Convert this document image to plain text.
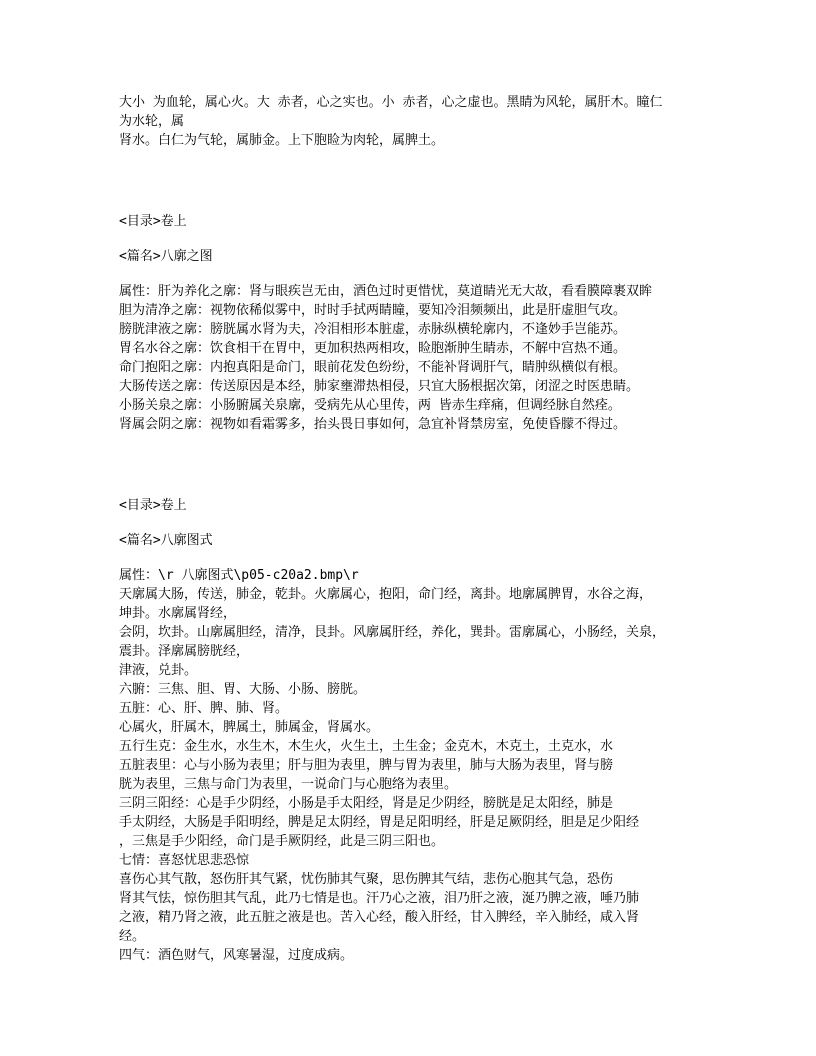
大小 为血轮，属心火。大 赤者，心之实也。小 赤者，心之虚也。黑睛为风轮，属肝木。瞳仁
为水轮，属
肾水。白仁为气轮，属肺金。上下胞睑为肉轮，属脾土。
<目录>卷上
<篇名>八廓之图
属性：肝为养化之廓：肾与眼疾岂无由，酒色过时更惜忧，莫道睛光无大故，看看膜障裹双眸
胆为清净之廓：视物依稀似雾中，时时手拭两睛瞳，要知冷泪频频出，此是肝虚胆气攻。
膀胱津液之廓：膀胱属水肾为夫，冷泪相形本脏虚，赤脉纵横轮廓内，不逢妙手岂能苏。
胃名水谷之廓：饮食相干在胃中，更加积热两相攻，睑胞渐肿生睛赤，不解中宫热不通。
命门抱阳之廓：内抱真阳是命门，眼前花发色纷纷，不能补肾调肝气，睛肿纵横似有根。
大肠传送之廓：传送原因是本经，肺家壅滞热相侵，只宜大肠根据次第，闭涩之时医患睛。
小肠关泉之廓：小肠腑属关泉廓，受病先从心里传，两 皆赤生痒痛，但调经脉自然痊。
肾属会阴之廓：视物如看霜雾多，抬头畏日事如何，急宜补肾禁房室，免使昏朦不得过。
<目录>卷上
<篇名>八廓图式
属性：\r 八廓图式\p05-c20a2.bmp\r
天廓属大肠，传送，肺金，乾卦。火廓属心，抱阳，命门经，离卦。地廓属脾胃，水谷之海，
坤卦。水廓属肾经，
会阴，坎卦。山廓属胆经，清净，艮卦。风廓属肝经，养化，巽卦。雷廓属心，小肠经，关泉，
震卦。泽廓属膀胱经，
津液，兑卦。
六腑：三焦、胆、胃、大肠、小肠、膀胱。
五脏：心、肝、脾、肺、肾。
心属火，肝属木，脾属土，肺属金，肾属水。
五行生克：金生水，水生木，木生火，火生土，土生金；金克木，木克土，土克水，水
五脏表里：心与小肠为表里；肝与胆为表里，脾与胃为表里，肺与大肠为表里，肾与膀
胱为表里，三焦与命门为表里，一说命门与心胞络为表里。
三阴三阳经：心是手少阴经，小肠是手太阳经，肾是足少阴经，膀胱是足太阳经，肺是
手太阴经，大肠是手阳明经，脾是足太阴经，胃是足阳明经，肝是足厥阴经，胆是足少阳经
，三焦是手少阳经，命门是手厥阴经，此是三阴三阳也。
七情：喜怒忧思悲恐惊
喜伤心其气散，怒伤肝其气紧，忧伤肺其气聚，思伤脾其气结，悲伤心胞其气急，恐伤
肾其气怯，惊伤胆其气乱，此乃七情是也。汗乃心之液，泪乃肝之液，涎乃脾之液，唾乃肺
之液，精乃肾之液，此五脏之液是也。苦入心经，酸入肝经，甘入脾经，辛入肺经，咸入肾
经。
四气：酒色财气，风寒暑湿，过度成病。
